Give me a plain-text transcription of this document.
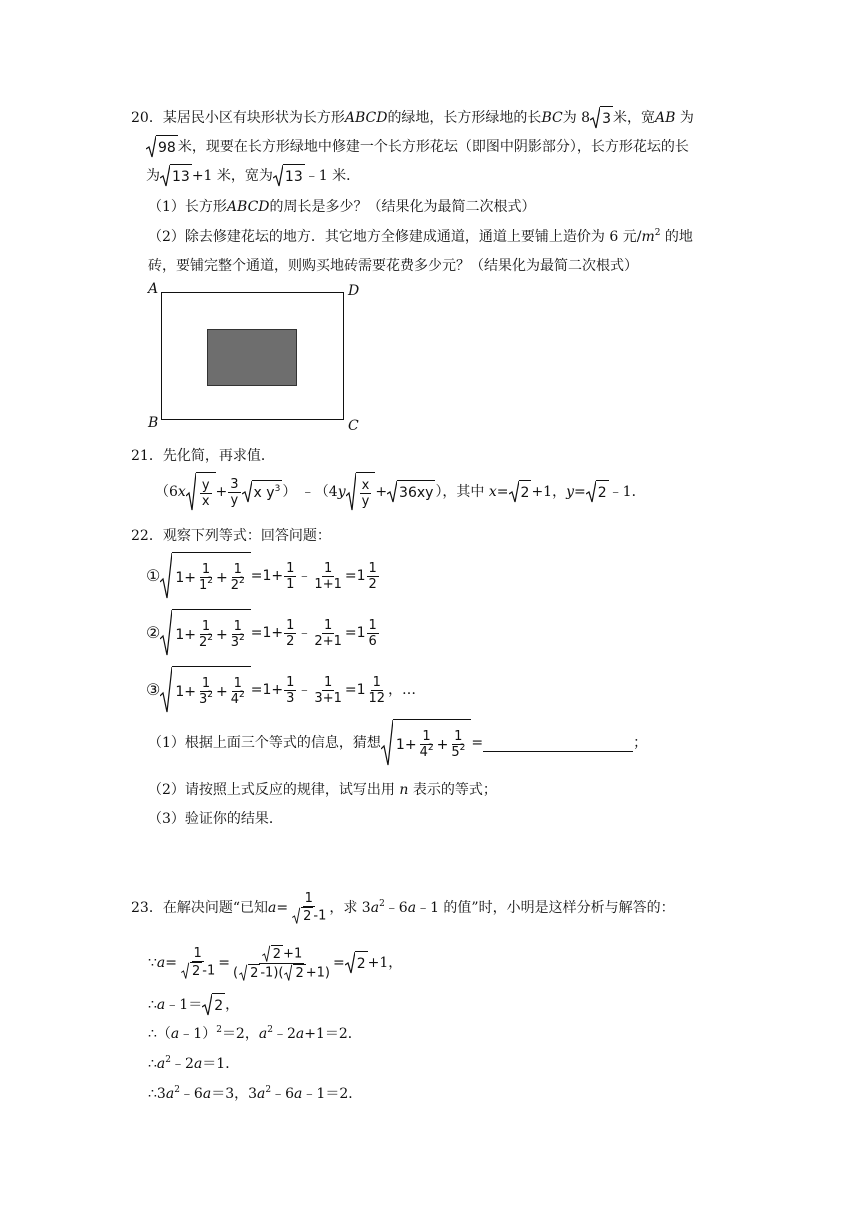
20．某居民小区有块形状为长方形ABCD的绿地，长方形绿地的长BC为 8 3 米，宽AB 为
98 米，现要在长方形绿地中修建一个长方形花坛（即图中阴影部分），长方形花坛的长
为 13 +1 米，宽为 13 ﹣1 米．
（1）长方形ABCD的周长是多少？（结果化为最简二次根式）
（2）除去修建花坛的地方．其它地方全修建成通道，通道上要铺上造价为 6 元$/m^2$ 的地
砖，要铺完整个通道，则购买地砖需要花费多少元？（结果化为最简二次根式）
A	D
B	C
21．先化简，再求值．
（6 x y
x
+ $\frac{3}{y}$ x $y^3$ ）
﹣（4 y x
y
+ 36xy ），其中
x = 2 +1， y = 2 ﹣1．
22．观察下列等式：回答问题：
① $1 + \frac{1}{1^2} + \frac{1}{2^2} =1+ \frac{1}{1}$ ﹣ $\frac{1}{1+1} = 1$ 1
2
② $1 + \frac{1}{2^2} + \frac{1}{3^2} =1+ \frac{1}{2}$ ﹣ $\frac{1}{2+1} = 1$ 1
6
③ $1 + \frac{1}{3^2} + \frac{1}{4^2} =1+ \frac{1}{3}$ ﹣ $\frac{1}{3+1} = 1$ 1
12 ，…
（1）根据上面三个等式的信息，猜想 $1 + \frac{1}{4^2} + \frac{1}{5^2}$ =	；
（2）请按照上式反应的规律，试写出用 n 表示的等式；
（3）验证你的结果．
23． 在解决问题“已知 $a = \frac{1}{2 -1}$ ，求 3 $a^2$ ﹣6 a ﹣1 的值”时，小明是这样分析与解答的：
∵ $a = \frac{1}{2 -1} = \frac{2 +1}{( 2 -1)( 2 +1)} = 2 +1$，
∴ a ﹣1＝ 2 ，
∴（a﹣1）$^2$＝2，$a^2﹣2a+1=2$．
$\therefore a^2﹣2a=1$．
$\therefore 3a^2﹣6a=3$，$3a^2﹣6a﹣1=2$．
